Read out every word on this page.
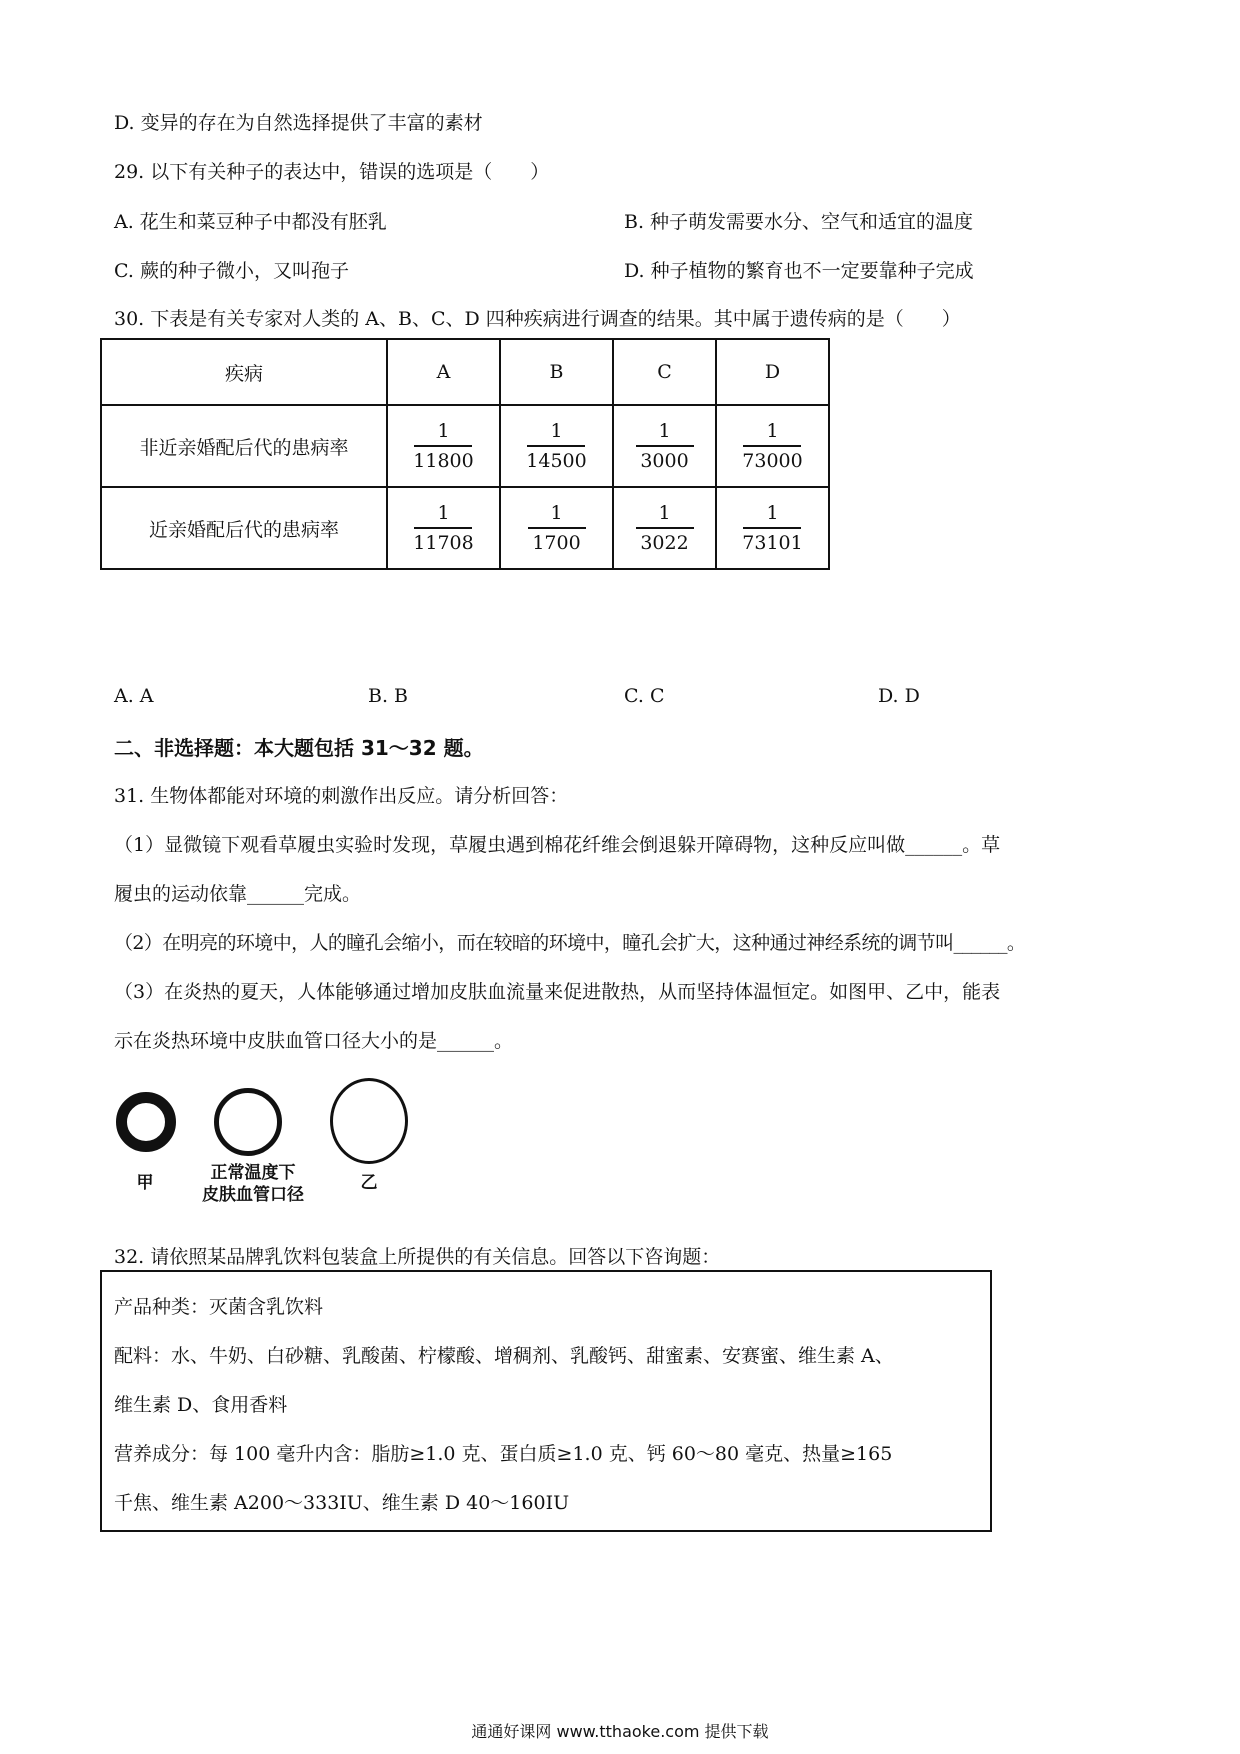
D. 变异的存在为自然选择提供了丰富的素材
29. 以下有关种子的表达中，错误的选项是（　　）
A. 花生和菜豆种子中都没有胚乳	B. 种子萌发需要水分、空气和适宜的温度
C. 蕨的种子微小，又叫孢子	D. 种子植物的繁育也不一定要靠种子完成
30. 下表是有关专家对人类的 A、B、C、D 四种疾病进行调查的结果。其中属于遗传病的是（　　）
疾病	A	B	C	D
非近亲婚配后代的患病率	$\frac{1}{11800}$	$\frac{1}{14500}$	$\frac{1}{3000}$	$\frac{1}{73000}$

近亲婚配后代的患病率	$\frac{1}{11708}$	$\frac{1}{1700}$	$\frac{1}{3022}$	$\frac{1}{73101}$
A. A	B. B	C. C	D. D
二、非选择题：本大题包括 31～32 题。
31. 生物体都能对环境的刺激作出反应。请分析回答：
（1）显微镜下观看草履虫实验时发现，草履虫遇到棉花纤维会倒退躲开障碍物，这种反应叫做______。草
履虫的运动依靠______完成。
（2）在明亮的环境中，人的瞳孔会缩小，而在较暗的环境中，瞳孔会扩大，这种通过神经系统的调节叫______。
（3）在炎热的夏天，人体能够通过增加皮肤血流量来促进散热，从而坚持体温恒定。如图甲、乙中，能表
示在炎热环境中皮肤血管口径大小的是______。
甲	正常温度下
皮肤血管口径
乙
32. 请依照某品牌乳饮料包装盒上所提供的有关信息。回答以下咨询题：
产品种类：灭菌含乳饮料
配料：水、牛奶、白砂糖、乳酸菌、柠檬酸、增稠剂、乳酸钙、甜蜜素、安赛蜜、维生素 A、
维生素 D、食用香料
营养成分：每 100 毫升内含：脂肪≥1.0 克、蛋白质≥1.0 克、钙 60～80 毫克、热量≥165
千焦、维生素 A200～333IU、维生素 D 40～160IU
通通好课网 www.tthaoke.com 提供下载
